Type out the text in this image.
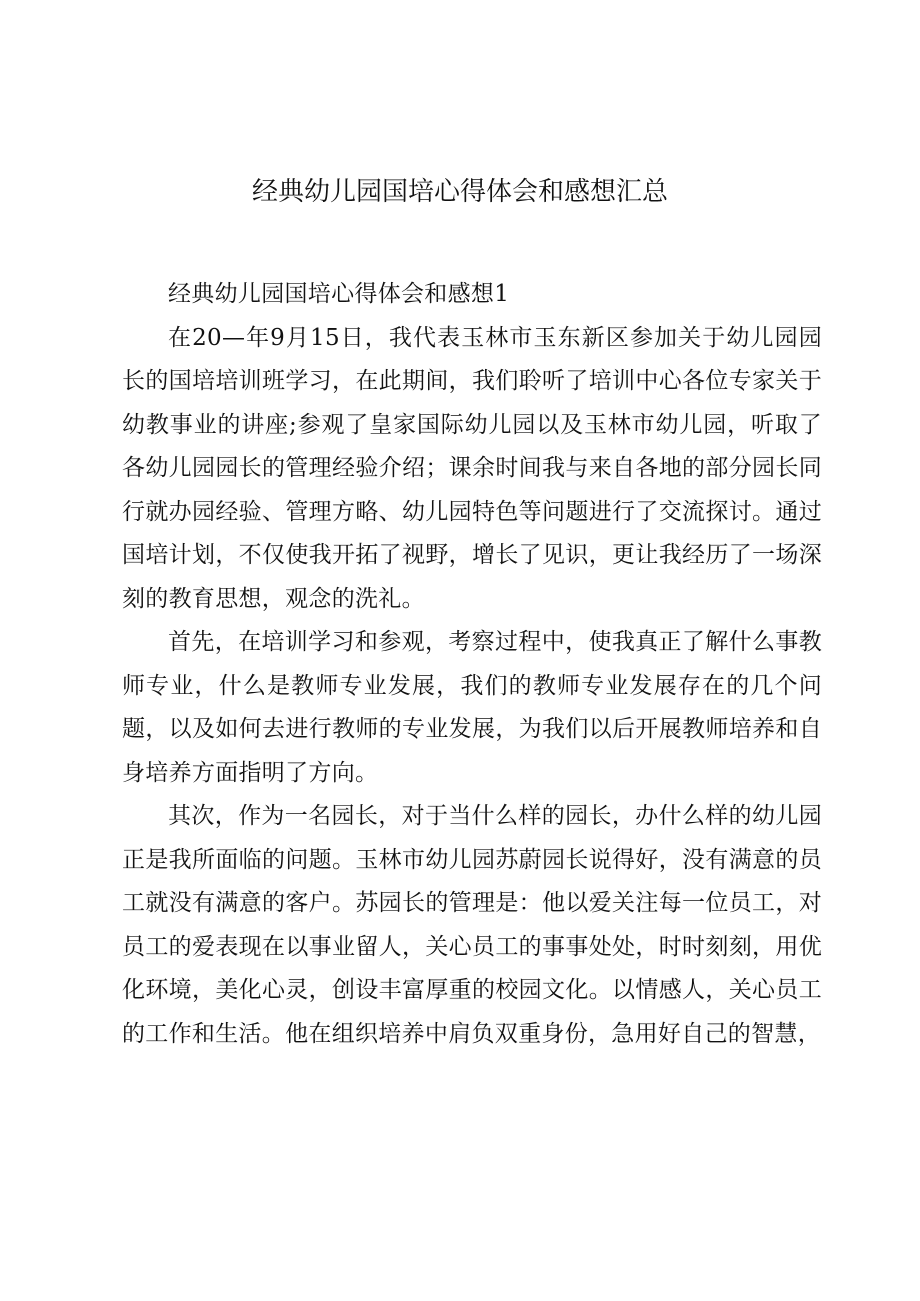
经典幼儿园国培心得体会和感想汇总

经典幼儿园国培心得体会和感想1

在20—年9月15日，我代表玉林市玉东新区参加关于幼儿园园长的国培培训班学习，在此期间，我们聆听了培训中心各位专家关于幼教事业的讲座;参观了皇家国际幼儿园以及玉林市幼儿园，听取了各幼儿园园长的管理经验介绍；课余时间我与来自各地的部分园长同行就办园经验、管理方略、幼儿园特色等问题进行了交流探讨。通过国培计划，不仅使我开拓了视野，增长了见识，更让我经历了一场深刻的教育思想，观念的洗礼。

首先，在培训学习和参观，考察过程中，使我真正了解什么事教师专业，什么是教师专业发展，我们的教师专业发展存在的几个问题，以及如何去进行教师的专业发展，为我们以后开展教师培养和自身培养方面指明了方向。

其次，作为一名园长，对于当什么样的园长，办什么样的幼儿园正是我所面临的问题。玉林市幼儿园苏蔚园长说得好，没有满意的员工就没有满意的客户。苏园长的管理是：他以爱关注每一位员工，对员工的爱表现在以事业留人，关心员工的事事处处，时时刻刻，用优化环境，美化心灵，创设丰富厚重的校园文化。以情感人，关心员工的工作和生活。他在组织培养中肩负双重身份，急用好自己的智慧，
